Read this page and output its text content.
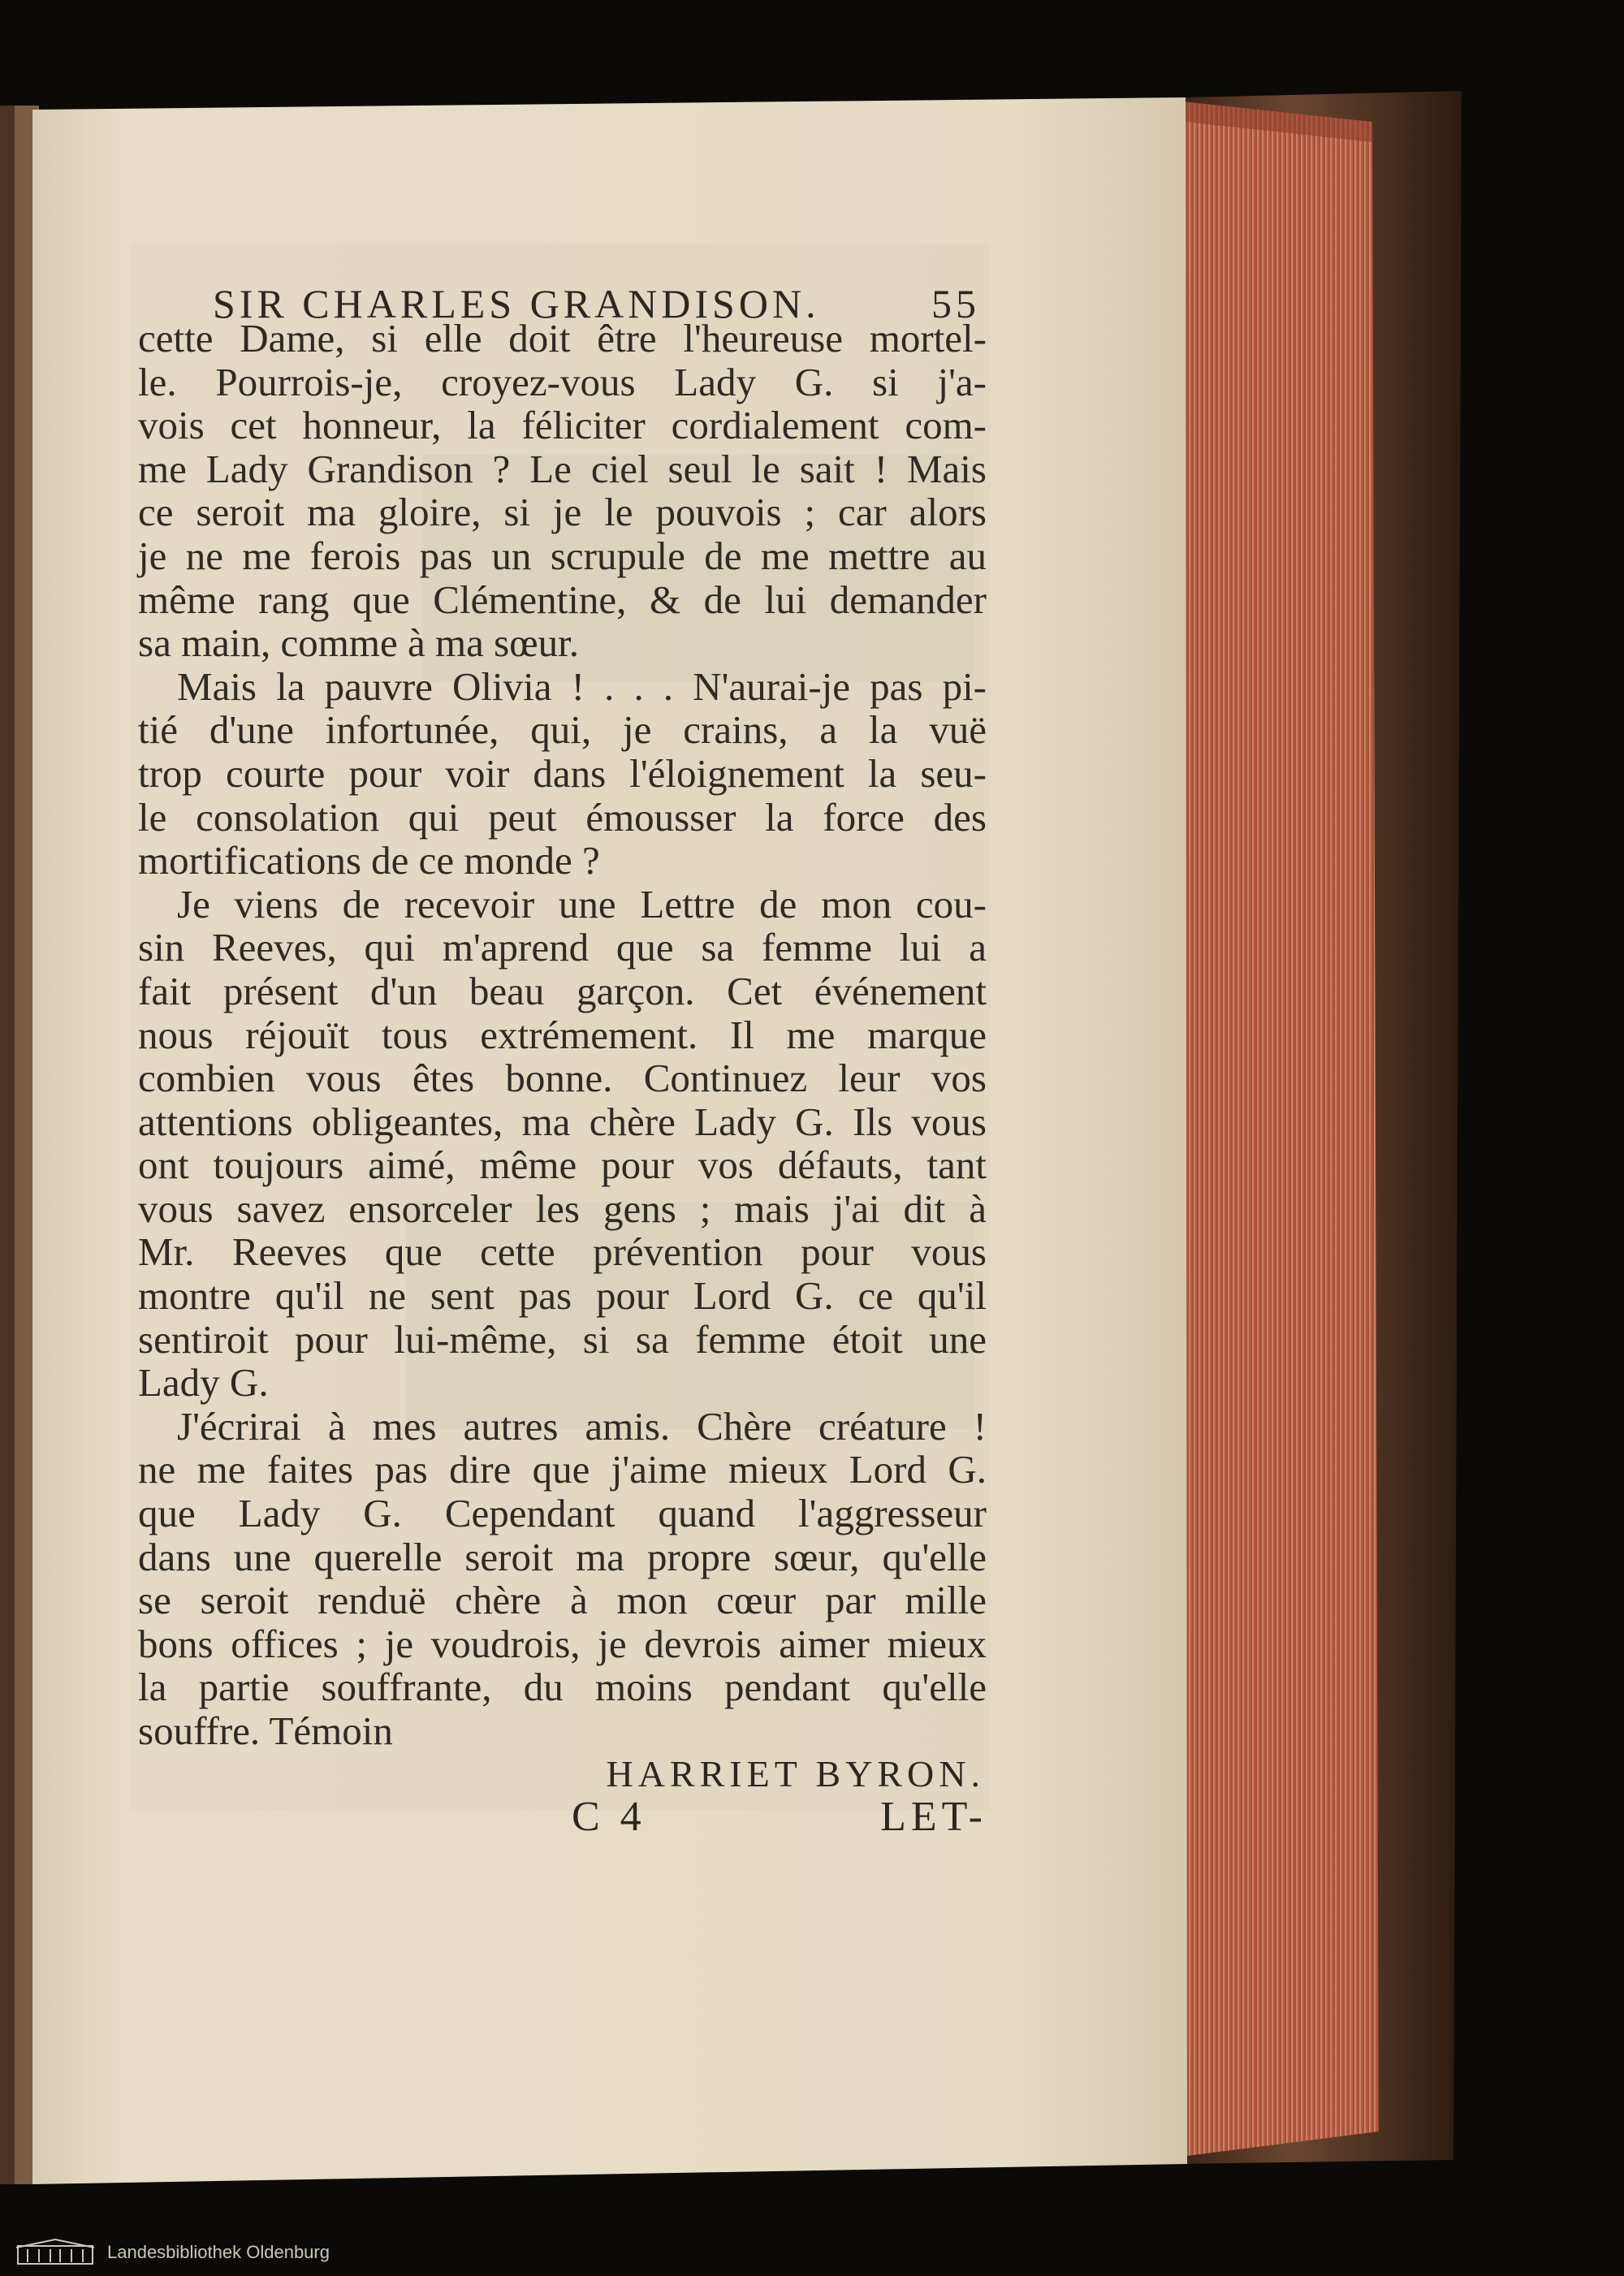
SIR CHARLES GRANDISON.	55
cette Dame, si elle doit être l'heureuse mortel-
le. Pourrois-je, croyez-vous Lady G. si j'a-
vois cet honneur, la féliciter cordialement com-
me Lady Grandison ? Le ciel seul le sait ! Mais
ce seroit ma gloire, si je le pouvois ; car alors
je ne me ferois pas un scrupule de me mettre au
même rang que Clémentine, & de lui demander
sa main, comme à ma sœur.
Mais la pauvre Olivia ! . . . N'aurai-je pas pi-
tié d'une infortunée, qui, je crains, a la vuë
trop courte pour voir dans l'éloignement la seu-
le consolation qui peut émousser la force des
mortifications de ce monde ?
Je viens de recevoir une Lettre de mon cou-
sin Reeves, qui m'aprend que sa femme lui a
fait présent d'un beau garçon. Cet événement
nous réjouït tous extrémement. Il me marque
combien vous êtes bonne. Continuez leur vos
attentions obligeantes, ma chère Lady G. Ils vous
ont toujours aimé, même pour vos défauts, tant
vous savez ensorceler les gens ; mais j'ai dit à
Mr. Reeves que cette prévention pour vous
montre qu'il ne sent pas pour Lord G. ce qu'il
sentiroit pour lui-même, si sa femme étoit une
Lady G.
J'écrirai à mes autres amis. Chère créature !
ne me faites pas dire que j'aime mieux Lord G.
que Lady G. Cependant quand l'aggresseur
dans une querelle seroit ma propre sœur, qu'elle
se seroit renduë chère à mon cœur par mille
bons offices ; je voudrois, je devrois aimer mieux
la partie souffrante, du moins pendant qu'elle
souffre. Témoin
HARRIET BYRON.
C 4	LET-
Landesbibliothek Oldenburg
